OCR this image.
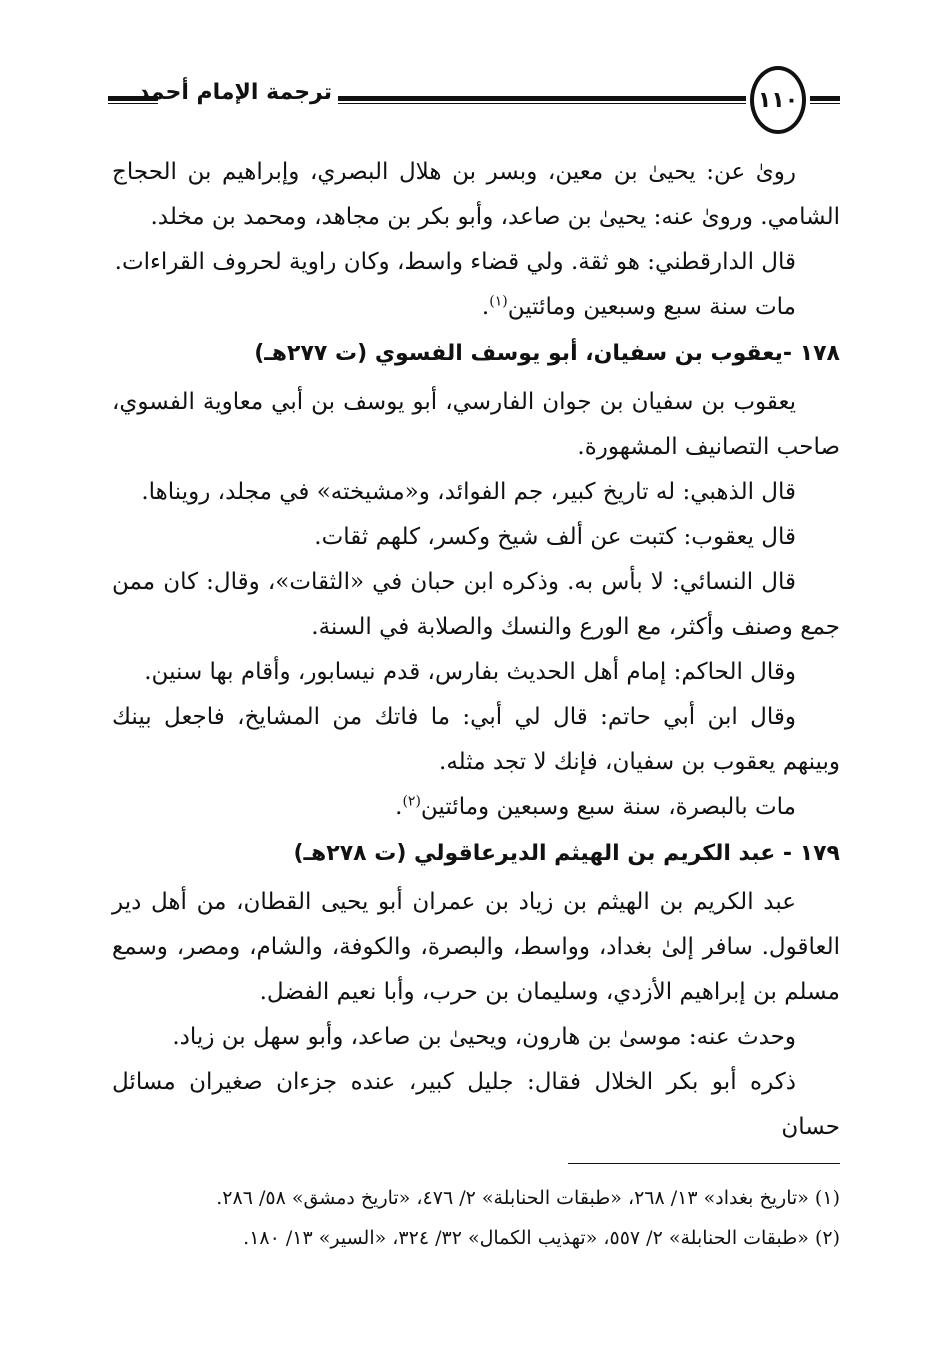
ترجمة الإمام أحمد	١١٠

روىٰ عن: يحيىٰ بن معين، وبسر بن هلال البصري، وإبراهيم بن الحجاج الشامي. وروىٰ عنه: يحيىٰ بن صاعد، وأبو بكر بن مجاهد، ومحمد بن مخلد.

قال الدارقطني: هو ثقة. ولي قضاء واسط، وكان راوية لحروف القراءات.

مات سنة سبع وسبعين ومائتين$^{(١)}$.

١٧٨ -يعقوب بن سفيان، أبو يوسف الفسوي (ت ٢٧٧هـ)

يعقوب بن سفيان بن جوان الفارسي، أبو يوسف بن أبي معاوية الفسوي، صاحب التصانيف المشهورة.

قال الذهبي: له تاريخ كبير، جم الفوائد، و«مشيخته» في مجلد، رويناها.

قال يعقوب: كتبت عن ألف شيخ وكسر، كلهم ثقات.

قال النسائي: لا بأس به. وذكره ابن حبان في «الثقات»، وقال: كان ممن جمع وصنف وأكثر، مع الورع والنسك والصلابة في السنة.

وقال الحاكم: إمام أهل الحديث بفارس، قدم نيسابور، وأقام بها سنين.

وقال ابن أبي حاتم: قال لي أبي: ما فاتك من المشايخ، فاجعل بينك وبينهم يعقوب بن سفيان، فإنك لا تجد مثله.

مات بالبصرة، سنة سبع وسبعين ومائتين$^{(٢)}$.

١٧٩ - عبد الكريم بن الهيثم الديرعاقولي (ت ٢٧٨هـ)

عبد الكريم بن الهيثم بن زياد بن عمران أبو يحيى القطان، من أهل دير العاقول. سافر إلىٰ بغداد، وواسط، والبصرة، والكوفة، والشام، ومصر، وسمع مسلم بن إبراهيم الأزدي، وسليمان بن حرب، وأبا نعيم الفضل.

وحدث عنه: موسىٰ بن هارون، ويحيىٰ بن صاعد، وأبو سهل بن زياد.

ذكره أبو بكر الخلال فقال: جليل كبير، عنده جزءان صغيران مسائل حسان

(١) «تاريخ بغداد» ١٣/ ٢٦٨، «طبقات الحنابلة» ٢/ ٤٧٦، «تاريخ دمشق» ٥٨/ ٢٨٦.

(٢) «طبقات الحنابلة» ٢/ ٥٥٧، «تهذيب الكمال» ٣٢/ ٣٢٤، «السير» ١٣/ ١٨٠.
